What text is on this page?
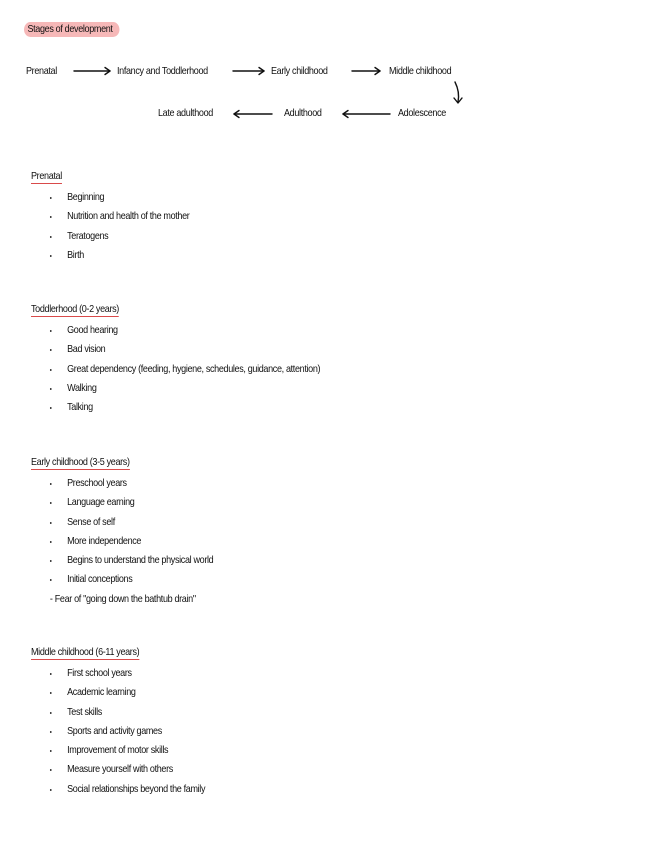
Stages of development
Prenatal	Infancy and Toddlerhood	Early childhood	Middle childhood
Late adulthood	Adulthood	Adolescence
Prenatal
Beginning
Nutrition and health of the mother
Teratogens
Birth
Toddlerhood (0-2 years)
Good hearing
Bad vision
Great dependency (feeding, hygiene, schedules, guidance, attention)
Walking
Talking
Early childhood (3-5 years)
Preschool years
Language earning
Sense of self
More independence
Begins to understand the physical world
Initial conceptions
- Fear of "going down the bathtub drain"
Middle childhood (6-11 years)
First school years
Academic learning
Test skills
Sports and activity games
Improvement of motor skills
Measure yourself with others
Social relationships beyond the family
